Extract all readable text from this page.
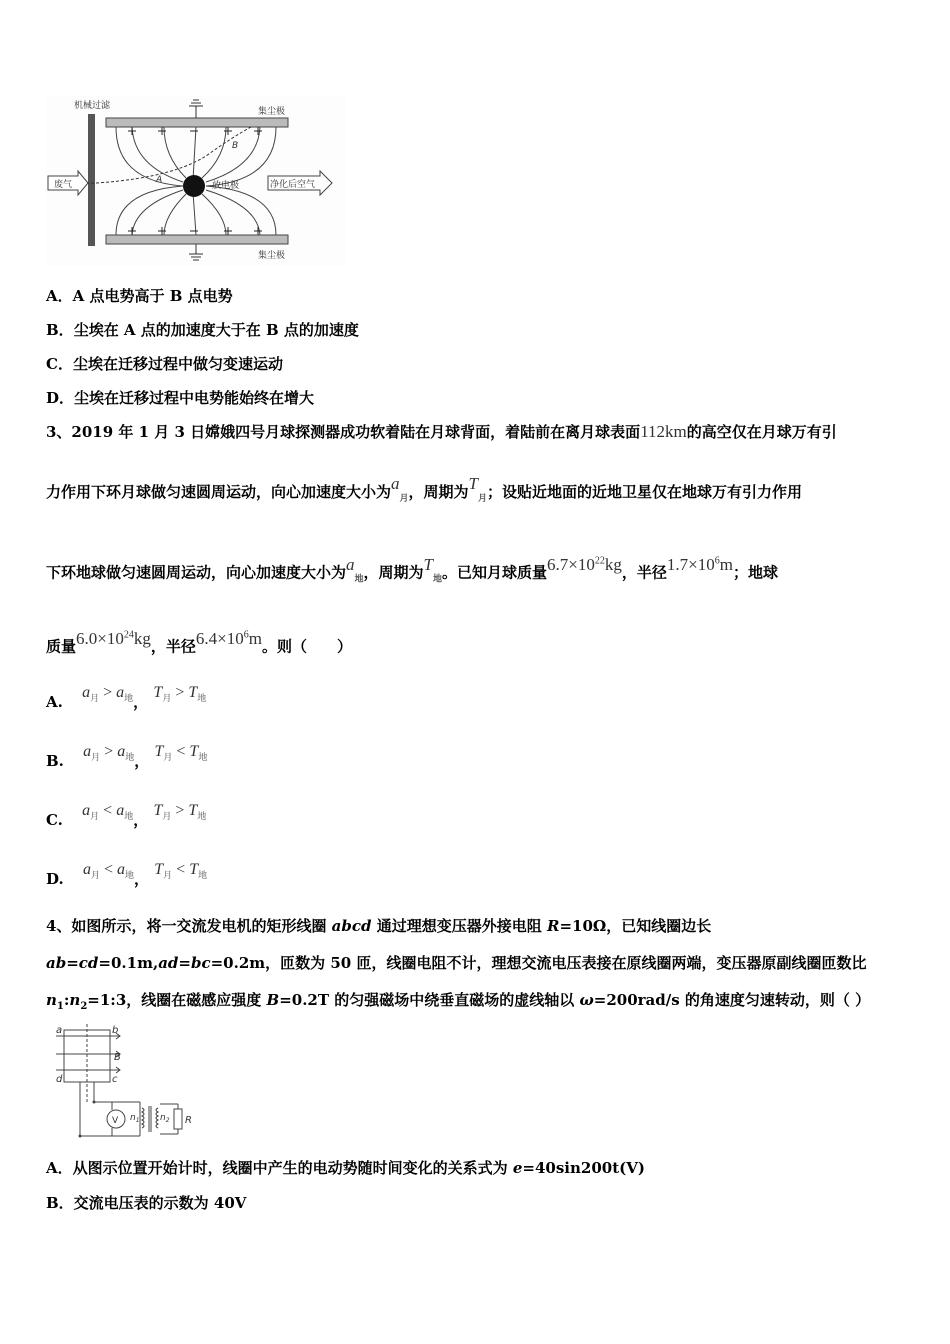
机械过滤
集尘极
集尘极
A
B
放电极
废气	净化后空气
A．A 点电势高于 B 点电势
B．尘埃在 A 点的加速度大于在 B 点的加速度
C．尘埃在迁移过程中做匀变速运动
D．尘埃在迁移过程中电势能始终在增大
3、2019 年 1 月 3 日嫦娥四号月球探测器成功软着陆在月球背面，着陆前在离月球表面112km的高空仅在月球万有引
力作用下环月球做匀速圆周运动，向心加速度大小为$a_月$，周期为$T_月$；设贴近地面的近地卫星仅在地球万有引力作用
下环地球做匀速圆周运动，向心加速度大小为$a_地$，周期为$T_地$。已知月球质量$6.7\times 10^{22}kg$，半径$1.7\times 10^6m$；地球
质量$6.0\times 10^{24}kg$，半径$6.4\times 10^6m$。则（　　）
A. $a_月 > a_地$， $T_月 > T_地$
B. $a_月 > a_地$， $T_月 < T_地$
C. $a_月 < a_地$， $T_月 > T_地$
D. $a_月 < a_地$， $T_月 < T_地$
4、如图所示，将一交流发电机的矩形线圈 abcd 通过理想变压器外接电阻 R=10Ω，已知线圈边长
ab=cd=0.1m,ad=bc=0.2m，匝数为 50 匝，线圈电阻不计，理想交流电压表接在原线圈两端，变压器原副线圈匝数比
$n_1:n_2=1:3$，线圈在磁感应强度 B=0.2T 的匀强磁场中绕垂直磁场的虚线轴以 ω=200rad/s 的角速度匀速转动，则（ ）
a	b
B
d	c
V $n_1$ $n_2$ R
A．从图示位置开始计时，线圈中产生的电动势随时间变化的关系式为 e=40sin200t(V)
B．交流电压表的示数为 40V
